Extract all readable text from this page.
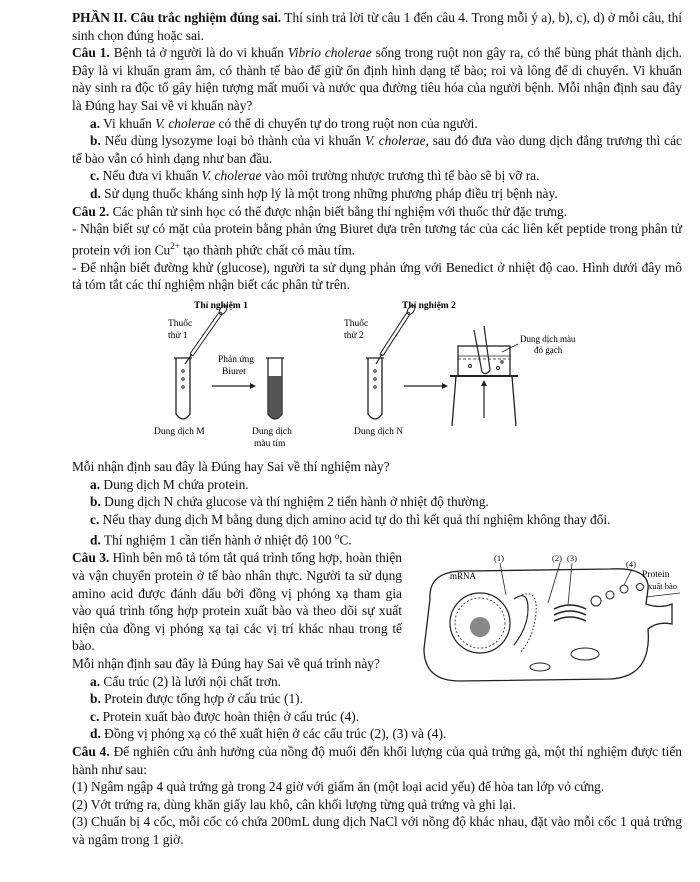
PHẦN II. Câu trắc nghiệm đúng sai. Thí sinh trả lời từ câu 1 đến câu 4. Trong mỗi ý a), b), c), d) ở mỗi câu, thí sinh chọn đúng hoặc sai.

Câu 1. Bệnh tả ở người là do vi khuẩn Vibrio cholerae sống trong ruột non gây ra, có thể bùng phát thành dịch. Đây là vi khuẩn gram âm, có thành tế bào để giữ ổn định hình dạng tế bào; roi và lông để di chuyển. Vi khuẩn này sinh ra độc tố gây hiện tượng mất muối và nước qua đường tiêu hóa của người bệnh. Mỗi nhận định sau đây là Đúng hay Sai về vi khuẩn này?

a. Vi khuẩn V. cholerae có thể di chuyển tự do trong ruột non của người.

b. Nếu dùng lysozyme loại bỏ thành của vi khuẩn V. cholerae, sau đó đưa vào dung dịch đẳng trương thì các tế bào vẫn có hình dạng như ban đầu.

c. Nếu đưa vi khuẩn V. cholerae vào môi trường nhược trương thì tế bào sẽ bị vỡ ra.

d. Sử dụng thuốc kháng sinh hợp lý là một trong những phương pháp điều trị bệnh này.

Câu 2. Các phân tử sinh học có thể được nhận biết bằng thí nghiệm với thuốc thử đặc trưng.

- Nhận biết sự có mặt của protein bằng phản ứng Biuret dựa trên tương tác của các liên kết peptide trong phân tử protein với ion $Cu^{2+}$ tạo thành phức chất có màu tím.

- Để nhận biết đường khử (glucose), người ta sử dụng phản ứng với Benedict ở nhiệt độ cao. Hình dưới đây mô tả tóm tắt các thí nghiệm nhận biết các phân tử trên.

Thí nghiệm 1	Thí nghiệm 2
Thuốc
thử 1
Phản ứng
Biuret
Dung dịch M	Dung dịch
màu tím
Thuốc
thử 2
Dung dịch N
Dung dịch màu
đỏ gạch

Mỗi nhận định sau đây là Đúng hay Sai về thí nghiệm này?

a. Dung dịch M chứa protein.

b. Dung dịch N chứa glucose và thí nghiệm 2 tiến hành ở nhiệt độ thường.

c. Nếu thay dung dịch M bằng dung dịch amino acid tự do thì kết quả thí nghiệm không thay đổi.

d. Thí nghiệm 1 cần tiến hành ở nhiệt độ 100 $^o$C.

Câu 3. Hình bên mô tả tóm tắt quá trình tổng hợp, hoàn thiện và vận chuyển protein ở tế bào nhân thực. Người ta sử dụng amino acid được đánh dấu bởi đồng vị phóng xạ tham gia vào quá trình tổng hợp protein xuất bào và theo dõi sự xuất hiện của đồng vị phóng xạ tại các vị trí khác nhau trong tế bào.

Mỗi nhận định sau đây là Đúng hay Sai về quá trình này?

(1)	(2) (3)
(4)
mRNA	Protein
xuất bào

a. Cấu trúc (2) là lưới nội chất trơn.

b. Protein được tổng hợp ở cấu trúc (1).

c. Protein xuất bào được hoàn thiện ở cấu trúc (4).

d. Đồng vị phóng xạ có thể xuất hiện ở các cấu trúc (2), (3) và (4).

Câu 4. Để nghiên cứu ảnh hưởng của nồng độ muối đến khối lượng của quả trứng gà, một thí nghiệm được tiến hành như sau:

(1) Ngâm ngập 4 quả trứng gà trong 24 giờ với giấm ăn (một loại acid yếu) để hòa tan lớp vỏ cứng.

(2) Vớt trứng ra, dùng khăn giấy lau khô, cân khối lượng từng quả trứng và ghi lại.

(3) Chuẩn bị 4 cốc, mỗi cốc có chứa 200mL dung dịch NaCl với nồng độ khác nhau, đặt vào mỗi cốc 1 quả trứng và ngâm trong 1 giờ.
